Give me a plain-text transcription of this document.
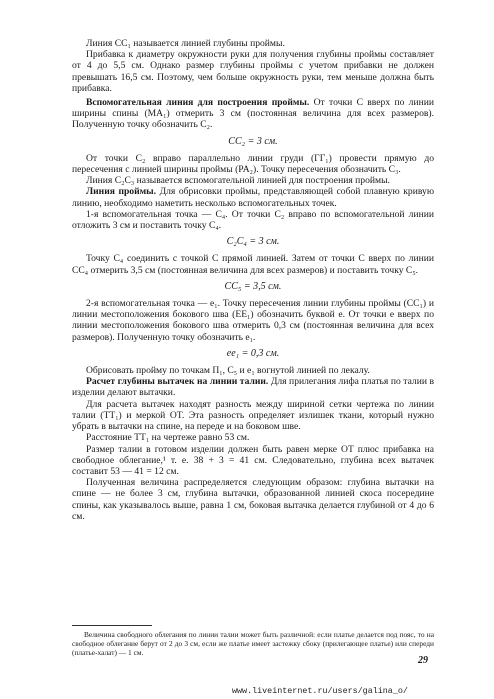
Линия CC₁ называется линией глубины проймы.

Прибавка к диаметру окружности руки для получения глубины проймы составляет от 4 до 5,5 см. Однако размер глубины проймы с учетом прибавки не должен превышать 16,5 см. Поэтому, чем больше окружность руки, тем меньше должна быть прибавка.

Вспомогательная линия для построения проймы. От точки C вверх по линии ширины спины (MA₁) отмерить 3 см (постоянная величина для всех размеров). Полученную точку обозначить C₂.

CC₂ = 3 см.

От точки C₂ вправо параллельно линии груди (ГГ₁) провести прямую до пересечения с линией ширины проймы (PA₂). Точку пересечения обозначить C₃.

Линия C₂C₃ называется вспомогательной линией для построения проймы.

Линия проймы. Для обрисовки проймы, представляющей собой плавную кривую линию, необходимо наметить несколько вспомогательных точек.

1-я вспомогательная точка — C₄. От точки C₂ вправо по вспомогательной линии отложить 3 см и поставить точку C₄.

C₂C₄ = 3 см.

Точку C₄ соединить с точкой C прямой линией. Затем от точки C вверх по линии CC₄ отмерить 3,5 см (постоянная величина для всех размеров) и поставить точку C₅.

CC₅ = 3,5 см.

2-я вспомогательная точка — e₁. Точку пересечения линии глубины проймы (CC₁) и линии местоположения бокового шва (EE₁) обозначить буквой e. От точки e вверх по линии местоположения бокового шва отмерить 0,3 см (постоянная величина для всех размеров). Полученную точку обозначить e₁.

ee₁ = 0,3 см.

Обрисовать пройму по точкам П₁, C₅ и e₁ вогнутой линией по лекалу.

Расчет глубины вытачек на линии талии. Для прилегания лифа платья по талии в изделии делают вытачки.

Для расчета вытачек находят разность между шириной сетки чертежа по линии талии (TT₁) и меркой OT. Эта разность определяет излишек ткани, который нужно убрать в вытачки на спине, на переде и на боковом шве.

Расстояние TT₁ на чертеже равно 53 см.

Размер талии в готовом изделии должен быть равен мерке OT плюс прибавка на свободное облегание,¹ т. е. 38 + 3 = 41 см. Следовательно, глубина всех вытачек составит 53 — 41 = 12 см.

Полученная величина распределяется следующим образом: глубина вытачки на спине — не более 3 см, глубина вытачки, образованной линией скоса посередине спины, как указывалось выше, равна 1 см, боковая вытачка делается глубиной от 4 до 6 см.

Величина свободного облегания по линии талии может быть различной: если платье делается под пояс, то на свободное облегание берут от 2 до 3 см, если же платье имеет застежку сбоку (прилегающее платье) или спереди (платье-халат) — 1 см.
29
www.liveinternet.ru/users/galina_o/
